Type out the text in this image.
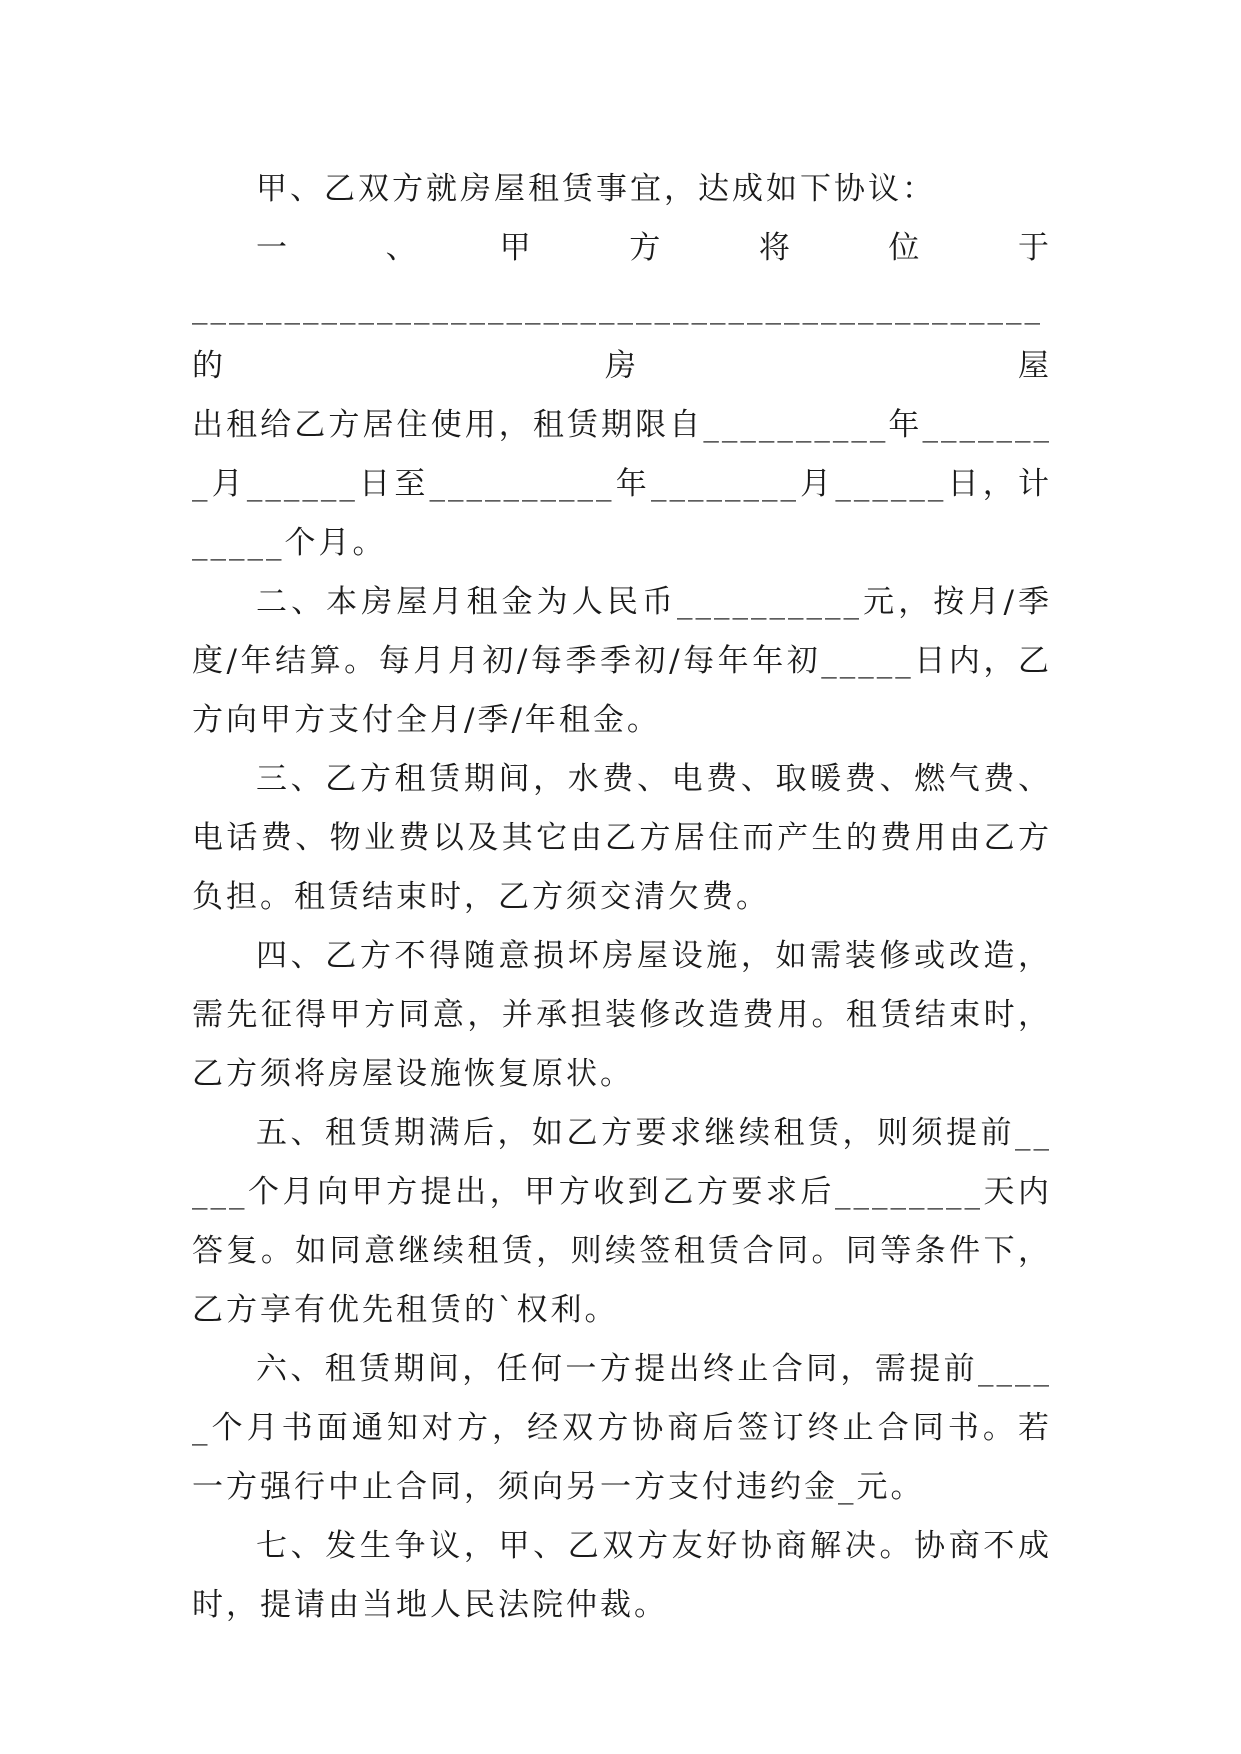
甲、乙双方就房屋租赁事宜，达成如下协议：

一　　、　　甲　　方　　将　　位　　于

______________________________________________ 的房屋

出租给乙方居住使用，租赁期限自__________年________月______日至__________年________月______日，计_____个月。

二、本房屋月租金为人民币__________元，按月/季度/年结算。每月月初/每季季初/每年年初_____日内，乙方向甲方支付全月/季/年租金。

三、乙方租赁期间，水费、电费、取暖费、燃气费、电话费、物业费以及其它由乙方居住而产生的费用由乙方负担。租赁结束时，乙方须交清欠费。

四、乙方不得随意损坏房屋设施，如需装修或改造，需先征得甲方同意，并承担装修改造费用。租赁结束时，乙方须将房屋设施恢复原状。

五、租赁期满后，如乙方要求继续租赁，则须提前_____个月向甲方提出，甲方收到乙方要求后________天内答复。如同意继续租赁，则续签租赁合同。同等条件下，乙方享有优先租赁的`权利。

六、租赁期间，任何一方提出终止合同，需提前_____个月书面通知对方，经双方协商后签订终止合同书。若一方强行中止合同，须向另一方支付违约金_元。

七、发生争议，甲、乙双方友好协商解决。协商不成时，提请由当地人民法院仲裁。
